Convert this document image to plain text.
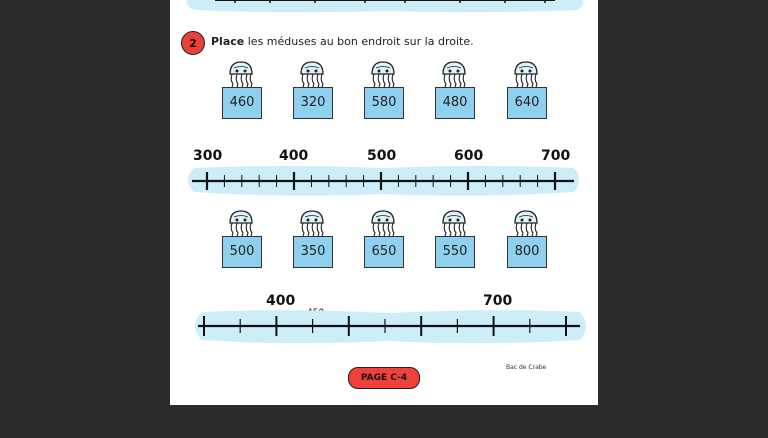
2	Place les méduses au bon endroit sur la droite.
460	320	580	480	640
300	400	500	600	700
500	350	650	550	800
400	700
PAGE C-4
Bac de Crabe
